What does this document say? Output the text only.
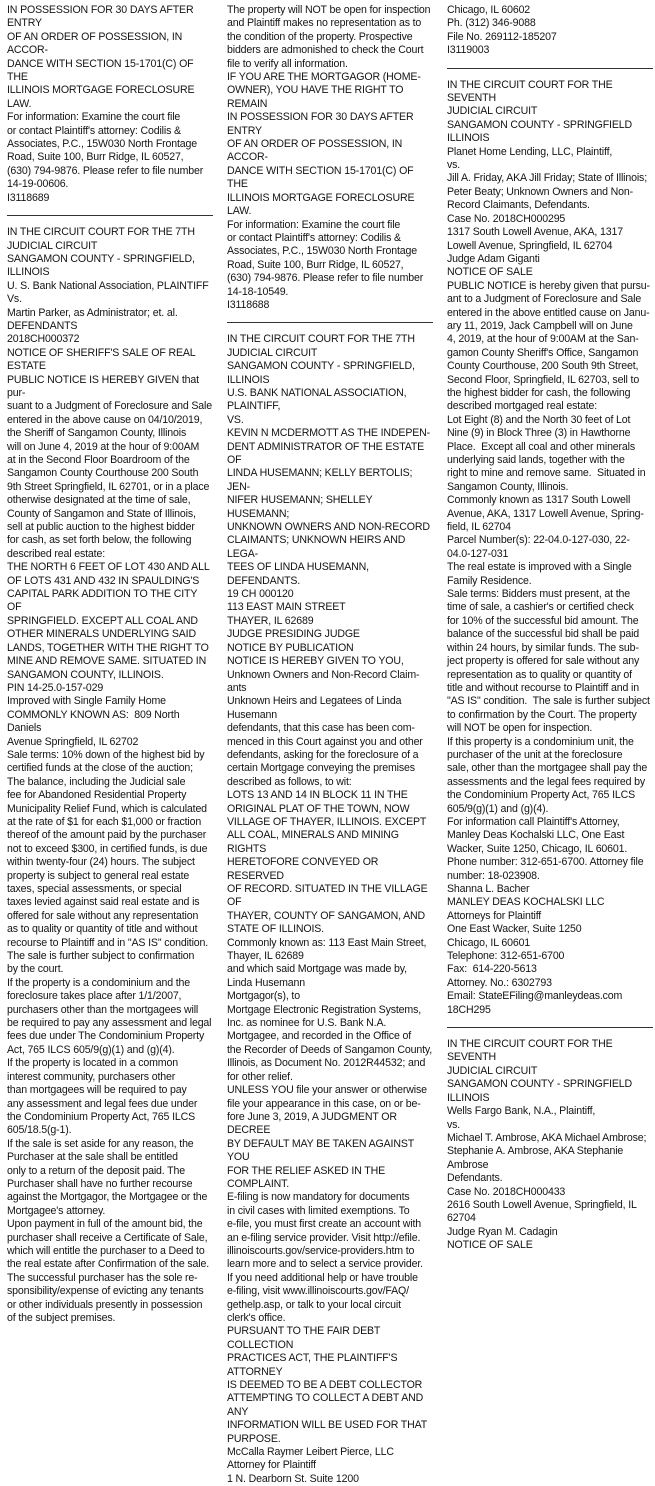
IN POSSESSION FOR 30 DAYS AFTER ENTRY
OF AN ORDER OF POSSESSION, IN ACCOR-
DANCE WITH SECTION 15-1701(C) OF THE
ILLINOIS MORTGAGE FORECLOSURE LAW.
For information: Examine the court file
or contact Plaintiff's attorney: Codilis &
Associates, P.C., 15W030 North Frontage
Road, Suite 100, Burr Ridge, IL 60527,
(630) 794-9876. Please refer to file number
14-19-00606.
I3118689

IN THE CIRCUIT COURT FOR THE 7TH
JUDICIAL CIRCUIT
SANGAMON COUNTY - SPRINGFIELD,
ILLINOIS
U. S. Bank National Association, PLAINTIFF
Vs.
Martin Parker, as Administrator; et. al.
DEFENDANTS
2018CH000372
NOTICE OF SHERIFF'S SALE OF REAL
ESTATE
PUBLIC NOTICE IS HEREBY GIVEN that pur-
suant to a Judgment of Foreclosure and Sale
entered in the above cause on 04/10/2019,
the Sheriff of Sangamon County, Illinois
will on June 4, 2019 at the hour of 9:00AM
at in the Second Floor Boardroom of the
Sangamon County Courthouse 200 South
9th Street Springfield, IL 62701, or in a place
otherwise designated at the time of sale,
County of Sangamon and State of Illinois,
sell at public auction to the highest bidder
for cash, as set forth below, the following
described real estate:
THE NORTH 6 FEET OF LOT 430 AND ALL
OF LOTS 431 AND 432 IN SPAULDING'S
CAPITAL PARK ADDITION TO THE CITY OF
SPRINGFIELD. EXCEPT ALL COAL AND
OTHER MINERALS UNDERLYING SAID
LANDS, TOGETHER WITH THE RIGHT TO
MINE AND REMOVE SAME. SITUATED IN
SANGAMON COUNTY, ILLINOIS.
PIN 14-25.0-157-029
Improved with Single Family Home
COMMONLY KNOWN AS:  809 North Daniels
Avenue Springfield, IL 62702
Sale terms: 10% down of the highest bid by
certified funds at the close of the auction;
The balance, including the Judicial sale
fee for Abandoned Residential Property
Municipality Relief Fund, which is calculated
at the rate of $1 for each $1,000 or fraction
thereof of the amount paid by the purchaser
not to exceed $300, in certified funds, is due
within twenty-four (24) hours. The subject
property is subject to general real estate
taxes, special assessments, or special
taxes levied against said real estate and is
offered for sale without any representation
as to quality or quantity of title and without
recourse to Plaintiff and in "AS IS" condition.
The sale is further subject to confirmation
by the court.
If the property is a condominium and the
foreclosure takes place after 1/1/2007,
purchasers other than the mortgagees will
be required to pay any assessment and legal
fees due under The Condominium Property
Act, 765 ILCS 605/9(g)(1) and (g)(4).
If the property is located in a common
interest community, purchasers other
than mortgagees will be required to pay
any assessment and legal fees due under
the Condominium Property Act, 765 ILCS
605/18.5(g-1).
If the sale is set aside for any reason, the
Purchaser at the sale shall be entitled
only to a return of the deposit paid. The
Purchaser shall have no further recourse
against the Mortgagor, the Mortgagee or the
Mortgagee's attorney.
Upon payment in full of the amount bid, the
purchaser shall receive a Certificate of Sale,
which will entitle the purchaser to a Deed to
the real estate after Confirmation of the sale.
The successful purchaser has the sole re-
sponsibility/expense of evicting any tenants
or other individuals presently in possession
of the subject premises.

The property will NOT be open for inspection
and Plaintiff makes no representation as to
the condition of the property. Prospective
bidders are admonished to check the Court
file to verify all information.
IF YOU ARE THE MORTGAGOR (HOME-
OWNER), YOU HAVE THE RIGHT TO REMAIN
IN POSSESSION FOR 30 DAYS AFTER ENTRY
OF AN ORDER OF POSSESSION, IN ACCOR-
DANCE WITH SECTION 15-1701(C) OF THE
ILLINOIS MORTGAGE FORECLOSURE LAW.
For information: Examine the court file
or contact Plaintiff's attorney: Codilis &
Associates, P.C., 15W030 North Frontage
Road, Suite 100, Burr Ridge, IL 60527,
(630) 794-9876. Please refer to file number
14-18-10549.
I3118688

IN THE CIRCUIT COURT FOR THE 7TH
JUDICIAL CIRCUIT
SANGAMON COUNTY - SPRINGFIELD,
ILLINOIS
U.S. BANK NATIONAL ASSOCIATION,
PLAINTIFF,
VS.
KEVIN N MCDERMOTT AS THE INDEPEN-
DENT ADMINISTRATOR OF THE ESTATE OF
LINDA HUSEMANN; KELLY BERTOLIS; JEN-
NIFER HUSEMANN; SHELLEY HUSEMANN;
UNKNOWN OWNERS AND NON-RECORD
CLAIMANTS; UNKNOWN HEIRS AND LEGA-
TEES OF LINDA HUSEMANN, DEFENDANTS.
19 CH 000120
113 EAST MAIN STREET
THAYER, IL 62689
JUDGE PRESIDING JUDGE
NOTICE BY PUBLICATION
NOTICE IS HEREBY GIVEN TO YOU,
Unknown Owners and Non-Record Claim-
ants
Unknown Heirs and Legatees of Linda
Husemann
defendants, that this case has been com-
menced in this Court against you and other
defendants, asking for the foreclosure of a
certain Mortgage conveying the premises
described as follows, to wit:
LOTS 13 AND 14 IN BLOCK 11 IN THE
ORIGINAL PLAT OF THE TOWN, NOW
VILLAGE OF THAYER, ILLINOIS. EXCEPT
ALL COAL, MINERALS AND MINING RIGHTS
HERETOFORE CONVEYED OR RESERVED
OF RECORD. SITUATED IN THE VILLAGE OF
THAYER, COUNTY OF SANGAMON, AND
STATE OF ILLINOIS.
Commonly known as: 113 East Main Street,
Thayer, IL 62689
and which said Mortgage was made by,
Linda Husemann
Mortgagor(s), to
Mortgage Electronic Registration Systems,
Inc. as nominee for U.S. Bank N.A.
Mortgagee, and recorded in the Office of
the Recorder of Deeds of Sangamon County,
Illinois, as Document No. 2012R44532; and
for other relief.
UNLESS YOU file your answer or otherwise
file your appearance in this case, on or be-
fore June 3, 2019, A JUDGMENT OR DECREE
BY DEFAULT MAY BE TAKEN AGAINST YOU
FOR THE RELIEF ASKED IN THE COMPLAINT.
E-filing is now mandatory for documents
in civil cases with limited exemptions. To
e-file, you must first create an account with
an e-filing service provider. Visit http://efile.
illinoiscourts.gov/service-providers.htm to
learn more and to select a service provider.
If you need additional help or have trouble
e-filing, visit www.illinoiscourts.gov/FAQ/
gethelp.asp, or talk to your local circuit
clerk's office.
PURSUANT TO THE FAIR DEBT COLLECTION
PRACTICES ACT, THE PLAINTIFF'S ATTORNEY
IS DEEMED TO BE A DEBT COLLECTOR
ATTEMPTING TO COLLECT A DEBT AND ANY
INFORMATION WILL BE USED FOR THAT
PURPOSE.
McCalla Raymer Leibert Pierce, LLC
Attorney for Plaintiff
1 N. Dearborn St. Suite 1200

Chicago, IL 60602
Ph. (312) 346-9088
File No. 269112-185207
I3119003

IN THE CIRCUIT COURT FOR THE SEVENTH
JUDICIAL CIRCUIT
SANGAMON COUNTY - SPRINGFIELD
ILLINOIS
Planet Home Lending, LLC, Plaintiff,
vs.
Jill A. Friday, AKA Jill Friday; State of Illinois;
Peter Beaty; Unknown Owners and Non-
Record Claimants, Defendants.
Case No. 2018CH000295
1317 South Lowell Avenue, AKA, 1317
Lowell Avenue, Springfield, IL 62704
Judge Adam Giganti
NOTICE OF SALE
PUBLIC NOTICE is hereby given that pursu-
ant to a Judgment of Foreclosure and Sale
entered in the above entitled cause on Janu-
ary 11, 2019, Jack Campbell will on June
4, 2019, at the hour of 9:00AM at the San-
gamon County Sheriff's Office, Sangamon
County Courthouse, 200 South 9th Street,
Second Floor, Springfield, IL 62703, sell to
the highest bidder for cash, the following
described mortgaged real estate:
Lot Eight (8) and the North 30 feet of Lot
Nine (9) in Block Three (3) in Hawthorne
Place.  Except all coal and other minerals
underlying said lands, together with the
right to mine and remove same.  Situated in
Sangamon County, Illinois.
Commonly known as 1317 South Lowell
Avenue, AKA, 1317 Lowell Avenue, Spring-
field, IL 62704
Parcel Number(s): 22-04.0-127-030, 22-
04.0-127-031
The real estate is improved with a Single
Family Residence.
Sale terms: Bidders must present, at the
time of sale, a cashier's or certified check
for 10% of the successful bid amount. The
balance of the successful bid shall be paid
within 24 hours, by similar funds. The sub-
ject property is offered for sale without any
representation as to quality or quantity of
title and without recourse to Plaintiff and in
"AS IS" condition.  The sale is further subject
to confirmation by the Court. The property
will NOT be open for inspection.
If this property is a condominium unit, the
purchaser of the unit at the foreclosure
sale, other than the mortgagee shall pay the
assessments and the legal fees required by
the Condominium Property Act, 765 ILCS
605/9(g)(1) and (g)(4).
For information call Plaintiff's Attorney,
Manley Deas Kochalski LLC, One East
Wacker, Suite 1250, Chicago, IL 60601.
Phone number: 312-651-6700. Attorney file
number: 18-023908.
Shanna L. Bacher
MANLEY DEAS KOCHALSKI LLC
Attorneys for Plaintiff
One East Wacker, Suite 1250
Chicago, IL 60601
Telephone: 312-651-6700
Fax:  614-220-5613
Attorney. No.: 6302793
Email: StateEFiling@manleydeas.com
18CH295

IN THE CIRCUIT COURT FOR THE SEVENTH
JUDICIAL CIRCUIT
SANGAMON COUNTY - SPRINGFIELD
ILLINOIS
Wells Fargo Bank, N.A., Plaintiff,
vs.
Michael T. Ambrose, AKA Michael Ambrose;
Stephanie A. Ambrose, AKA Stephanie
Ambrose
Defendants.
Case No. 2018CH000433
2616 South Lowell Avenue, Springfield, IL
62704
Judge Ryan M. Cadagin
NOTICE OF SALE
